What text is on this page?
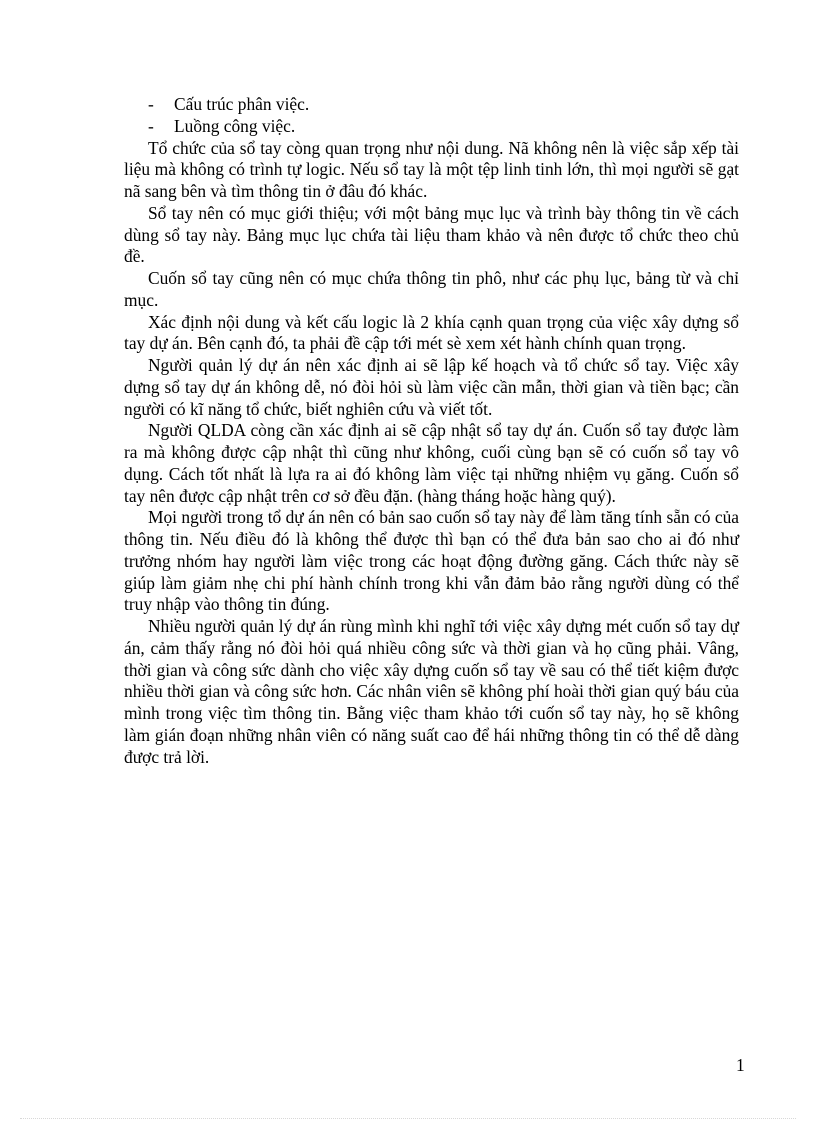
- Cấu trúc phân việc.

- Luồng công việc.

Tổ chức của sổ tay còng quan trọng như nội dung. Nã không nên là việc sắp xếp tài liệu mà không có trình tự logic. Nếu sổ tay là một tệp linh tinh lớn, thì mọi người sẽ gạt nã sang bên và tìm thông tin ở đâu đó khác.

Sổ tay nên có mục giới thiệu; với một bảng mục lục và trình bày thông tin về cách dùng sổ tay này. Bảng mục lục chứa tài liệu tham khảo và nên được tổ chức theo chủ đề.

Cuốn sổ tay cũng nên có mục chứa thông tin phô, như các phụ lục, bảng từ và chỉ mục.

Xác định nội dung và kết cấu logic là 2 khía cạnh quan trọng của việc xây dựng sổ tay dự án. Bên cạnh đó, ta phải đề cập tới mét sè xem xét hành chính quan trọng.

Người quản lý dự án nên xác định ai sẽ lập kế hoạch và tổ chức sổ tay. Việc xây dựng sổ tay dự án không dễ, nó đòi hỏi sù làm việc cần mẫn, thời gian và tiền bạc; cần người có kĩ năng tổ chức, biết nghiên cứu và viết tốt.

Người QLDA còng cần xác định ai sẽ cập nhật sổ tay dự án. Cuốn sổ tay được làm ra mà không được cập nhật thì cũng như không, cuối cùng bạn sẽ có cuốn sổ tay vô dụng. Cách tốt nhất là lựa ra ai đó không làm việc tại những nhiệm vụ găng. Cuốn sổ tay nên được cập nhật trên cơ sở đều đặn. (hàng tháng hoặc hàng quý).

Mọi người trong tổ dự án nên có bản sao cuốn sổ tay này để làm tăng tính sẵn có của thông tin. Nếu điều đó là không thể được thì bạn có thể đưa bản sao cho ai đó như trưởng nhóm hay người làm việc trong các hoạt động đường găng. Cách thức này sẽ giúp làm giảm nhẹ chi phí hành chính trong khi vẫn đảm bảo rằng người dùng có thể truy nhập vào thông tin đúng.

Nhiều người quản lý dự án rùng mình khi nghĩ tới việc xây dựng mét cuốn sổ tay dự án, cảm thấy rằng nó đòi hỏi quá nhiều công sức và thời gian và họ cũng phải. Vâng, thời gian và công sức dành cho việc xây dựng cuốn sổ tay về sau có thể tiết kiệm được nhiều thời gian và công sức hơn. Các nhân viên sẽ không phí hoài thời gian quý báu của mình trong việc tìm thông tin. Bằng việc tham khảo tới cuốn sổ tay này, họ sẽ không làm gián đoạn những nhân viên có năng suất cao để hái những thông tin có thể dễ dàng được trả lời.

1
